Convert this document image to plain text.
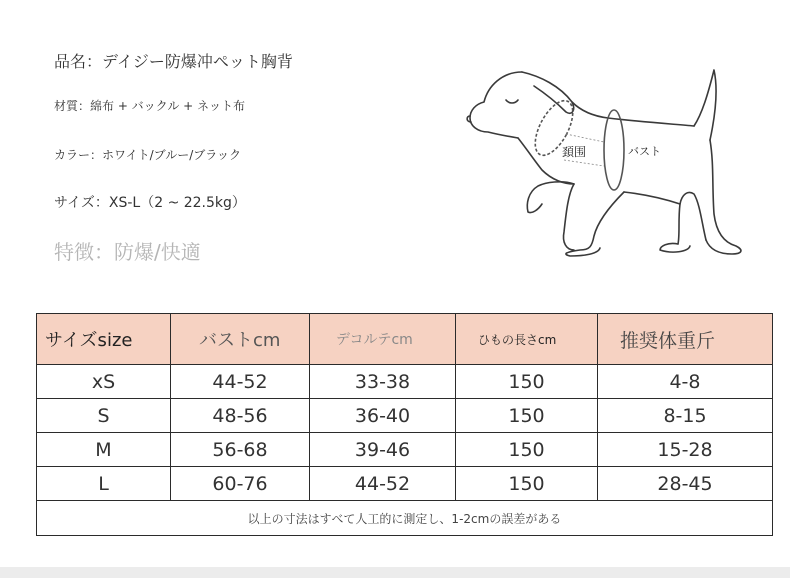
品名：デイジー防爆冲ペット胸背
材質：綿布 + バックル + ネット布
カラー：ホワイト/ブルー/ブラック
サイズ：XS-L（2 ~ 22.5kg）
特徴：防爆/快適
頚围	バスト
サイズsize	バストcm	デコルテcm	ひもの長さcm	推奨体重斤
xS	44-52	33-38	150	4-8
S	48-56	36-40	150	8-15
M	56-68	39-46	150	15-28
L	60-76	44-52	150	28-45
以上の寸法はすべて人工的に測定し、1-2cmの誤差がある				
